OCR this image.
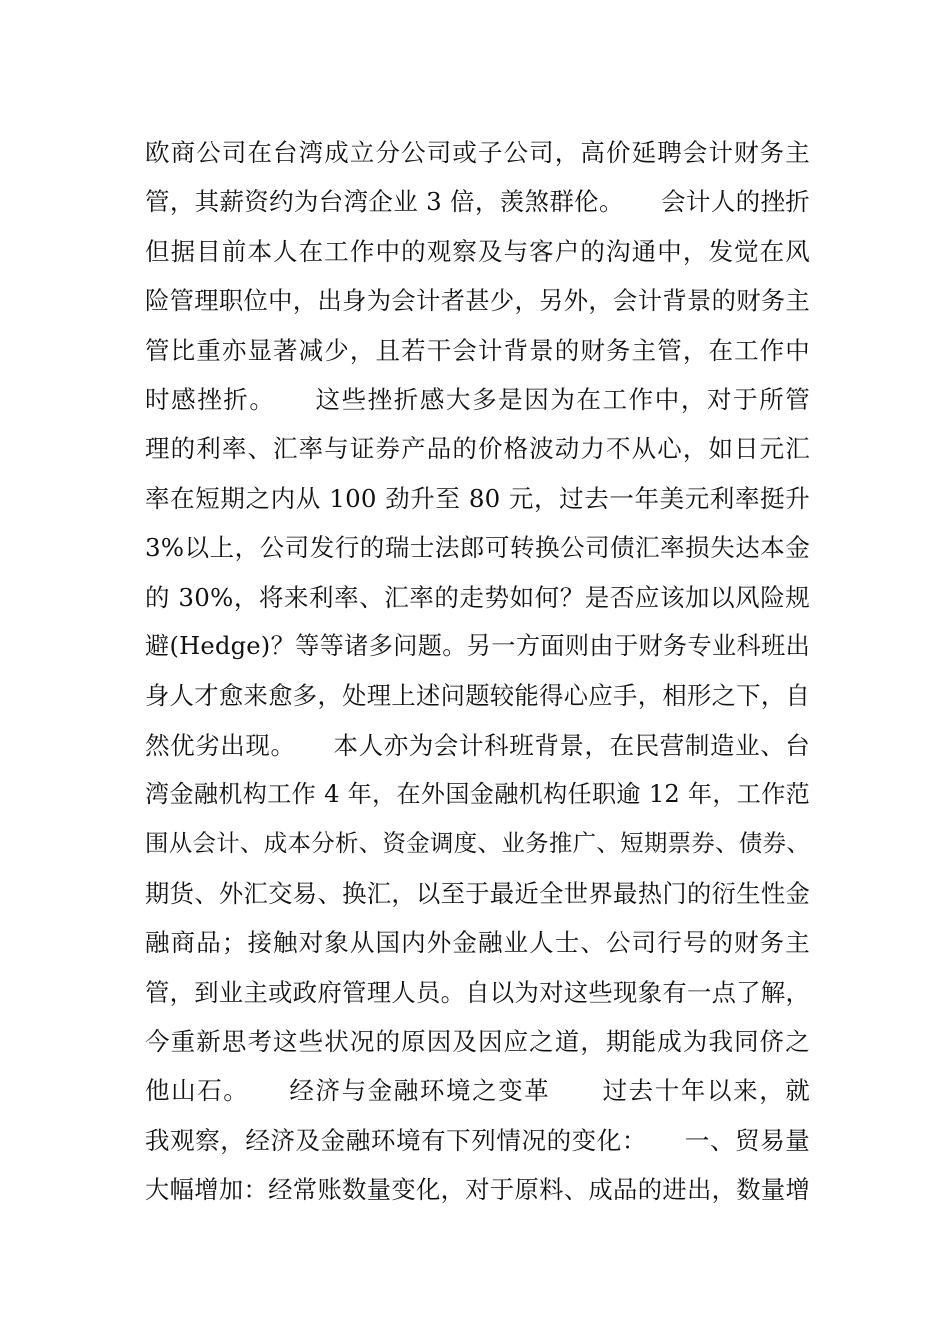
欧商公司在台湾成立分公司或子公司，高价延聘会计财务主
管，其薪资约为台湾企业 3 倍，羡煞群伦。　　会计人的挫折
但据目前本人在工作中的观察及与客户的沟通中，发觉在风
险管理职位中，出身为会计者甚少，另外，会计背景的财务主
管比重亦显著减少，且若干会计背景的财务主管，在工作中
时感挫折。　　这些挫折感大多是因为在工作中，对于所管
理的利率、汇率与证券产品的价格波动力不从心，如日元汇
率在短期之内从 100 劲升至 80 元，过去一年美元利率挺升
3%以上，公司发行的瑞士法郎可转换公司债汇率损失达本金
的 30%，将来利率、汇率的走势如何？是否应该加以风险规
避(Hedge)？等等诸多问题。另一方面则由于财务专业科班出
身人才愈来愈多，处理上述问题较能得心应手，相形之下，自
然优劣出现。　　本人亦为会计科班背景，在民营制造业、台
湾金融机构工作 4 年，在外国金融机构任职逾 12 年，工作范
围从会计、成本分析、资金调度、业务推广、短期票券、债券、
期货、外汇交易、换汇，以至于最近全世界最热门的衍生性金
融商品；接触对象从国内外金融业人士、公司行号的财务主
管，到业主或政府管理人员。自以为对这些现象有一点了解，
今重新思考这些状况的原因及因应之道，期能成为我同侪之
他山石。　　经济与金融环境之变革　　过去十年以来，就
我观察，经济及金融环境有下列情况的变化：　　一、贸易量
大幅增加：经常账数量变化，对于原料、成品的进出，数量增
